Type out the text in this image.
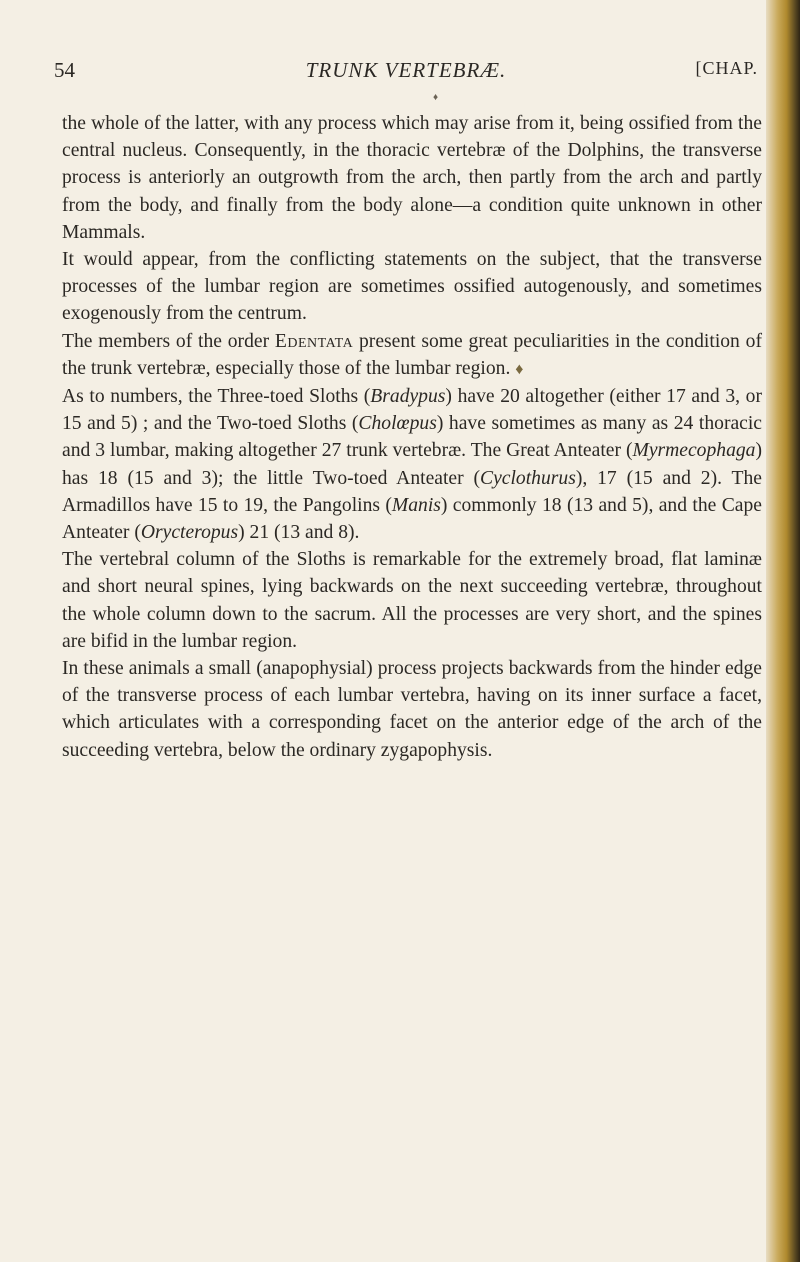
54	TRUNK VERTEBRÆ.	[CHAP.
♦

the whole of the latter, with any process which may arise from it, being ossified from the central nucleus. Consequently, in the thoracic vertebræ of the Dolphins, the transverse process is anteriorly an outgrowth from the arch, then partly from the arch and partly from the body, and finally from the body alone—a condition quite unknown in other Mammals.

It would appear, from the conflicting statements on the subject, that the transverse processes of the lumbar region are sometimes ossified autogenously, and sometimes exogenously from the centrum.

The members of the order Edentata present some great peculiarities in the condition of the trunk vertebræ, especially those of the lumbar region. ♦

As to numbers, the Three-toed Sloths (Bradypus) have 20 altogether (either 17 and 3, or 15 and 5) ; and the Two-toed Sloths (Cholœpus) have sometimes as many as 24 thoracic and 3 lumbar, making altogether 27 trunk vertebræ. The Great Anteater (Myrmecophaga) has 18 (15 and 3); the little Two-toed Anteater (Cyclothurus), 17 (15 and 2). The Armadillos have 15 to 19, the Pangolins (Manis) commonly 18 (13 and 5), and the Cape Anteater (Orycteropus) 21 (13 and 8).

The vertebral column of the Sloths is remarkable for the extremely broad, flat laminæ and short neural spines, lying backwards on the next succeeding vertebræ, throughout the whole column down to the sacrum. All the processes are very short, and the spines are bifid in the lumbar region.

In these animals a small (anapophysial) process projects backwards from the hinder edge of the transverse process of each lumbar vertebra, having on its inner surface a facet, which articulates with a corresponding facet on the anterior edge of the arch of the succeeding vertebra, below the ordinary zygapophysis.
